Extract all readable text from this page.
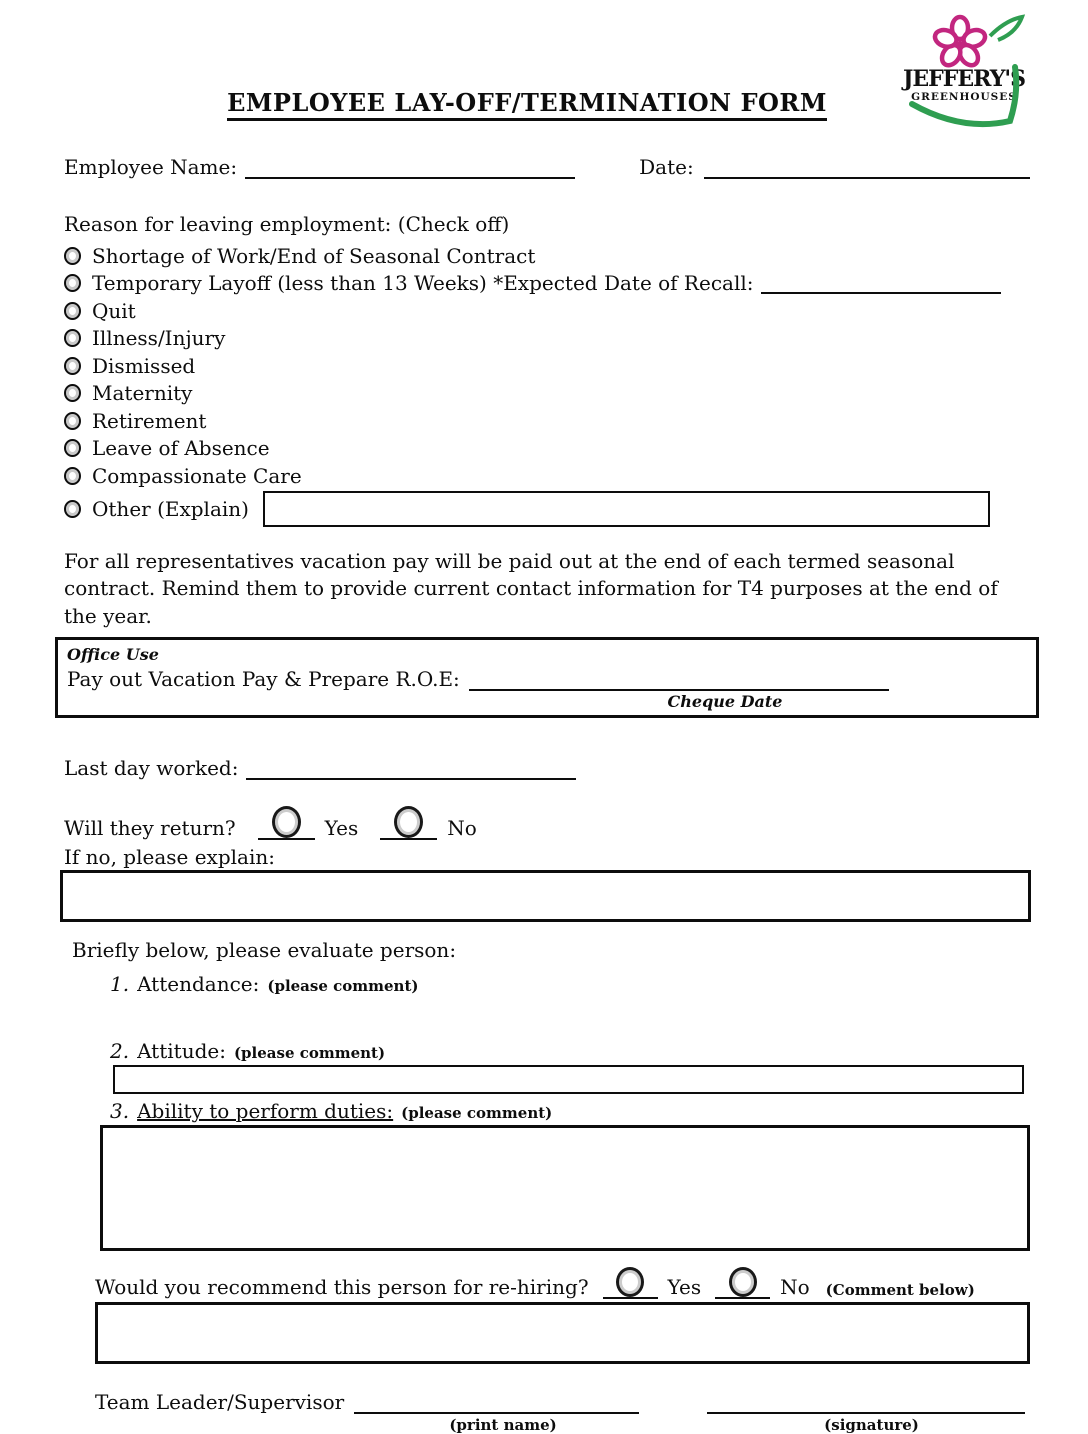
✱
JEFFERY'S
GREENHOUSES
EMPLOYEE LAY-OFF/TERMINATION FORM
Employee Name:	Date:
Reason for leaving employment: (Check off)
Shortage of Work/End of Seasonal Contract
Temporary Layoff (less than 13 Weeks) *Expected Date of Recall:
Quit
Illness/Injury
Dismissed
Maternity
Retirement
Leave of Absence
Compassionate Care
Other (Explain)
For all representatives vacation pay will be paid out at the end of each termed seasonal contract. Remind them to provide current contact information for T4 purposes at the end of the year.
Office Use
Pay out Vacation Pay & Prepare R.O.E:
Cheque Date
Last day worked:
Will they return?	Yes	No
If no, please explain:
Briefly below, please evaluate person:
1. Attendance: (please comment)
2. Attitude: (please comment)
3. Ability to perform duties: (please comment)
Would you recommend this person for re-hiring?	Yes	No (Comment below)
Team Leader/Supervisor
(print name)	(signature)
